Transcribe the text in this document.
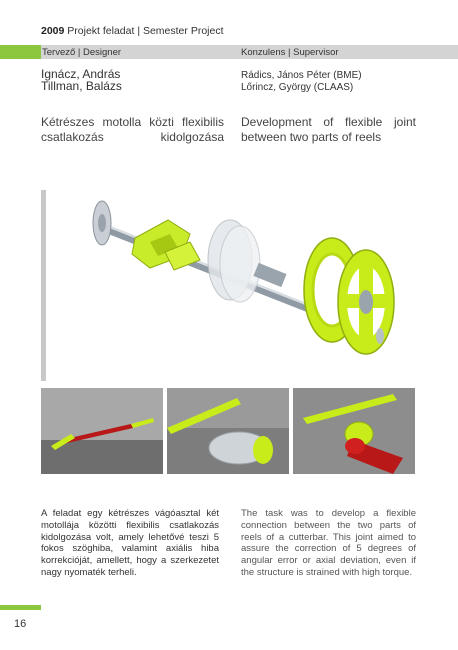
2009 Projekt feladat | Semester Project
Tervező | Designer	Konzulens | Supervisor
Ignácz, András
Tillman, Balázs
Rádics, János Péter (BME)
Lőrincz, György (CLAAS)
Kétrészes motolla közti flexibilis csatlakozás kidolgozása
Development of flexible joint between two parts of reels
A feladat egy kétrészes vágóasztal két motollája közötti flexibilis csatlakozás kidolgozása volt, amely lehetővé teszi 5 fokos szöghiba, valamint axiális hiba korrekcióját, amellett, hogy a szerkezetet nagy nyomaték terheli.
The task was to develop a flexible connection between the two parts of reels of a cutterbar. This joint aimed to assure the correction of 5 degrees of angular error or axial deviation, even if the structure is strained with high torque.
16
